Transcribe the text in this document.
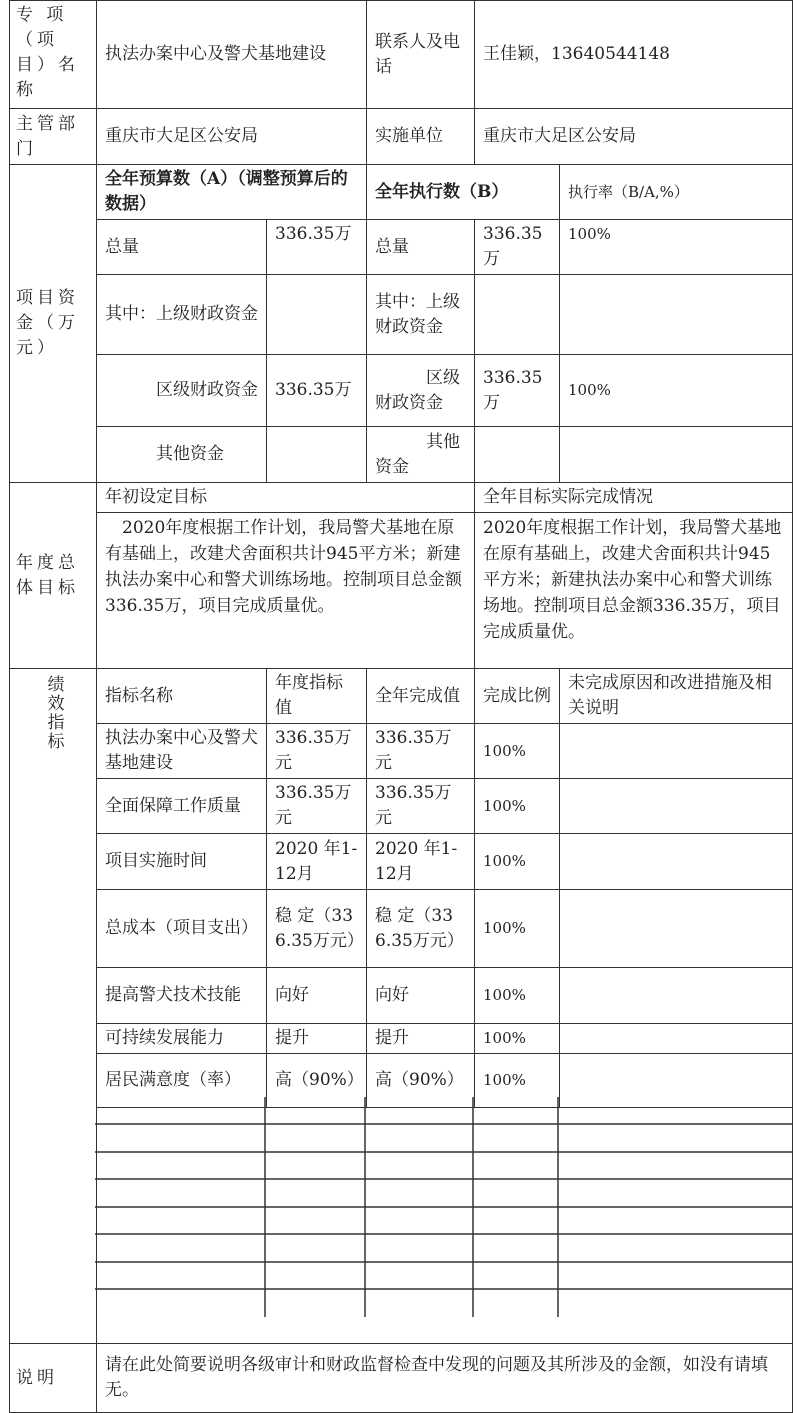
专 项（项目）名称	执法办案中心及警犬基地建设		联系人及电话	王佳颖，13640544148	
主管部门	重庆市大足区公安局		实施单位	重庆市大足区公安局	
项目资金（万元）	全年预算数（A）（调整预算后的数据）		全年执行数（B）		执行率（B/A,%）
	总量	336.35万	总量	336.35万	100%
	其中：上级财政资金		其中：上级财政资金		
	区级财政资金	336.35万	区级财政资金	336.35万	100%
	其他资金		其他资金		
年度总体目标	年初设定目标			全年目标实际完成情况	
	2020年度根据工作计划，我局警犬基地在原有基础上，改建犬舍面积共计945平方米；新建执法办案中心和警犬训练场地。控制项目总金额336.35万，项目完成质量优。			2020年度根据工作计划，我局警犬基地在原有基础上，改建犬舍面积共计945平方米；新建执法办案中心和警犬训练场地。控制项目总金额336.35万，项目完成质量优。	
绩效指标	指标名称	年度指标值	全年完成值	完成比例	未完成原因和改进措施及相关说明
	执法办案中心及警犬基地建设	336.35万元	336.35万元	100%	
	全面保障工作质量	336.35万元	336.35万元	100%	
	项目实施时间	2020 年1-12月	2020 年1-12月	100%	
	总成本（项目支出）	稳 定（336.35万元）	稳 定（336.35万元）	100%	
	提高警犬技术技能	向好	向好	100%	
	可持续发展能力	提升	提升	100%	
	居民满意度（率）	高（90%）	高（90%）	100%	

说明	请在此处简要说明各级审计和财政监督检查中发现的问题及其所涉及的金额，如没有请填无。				
